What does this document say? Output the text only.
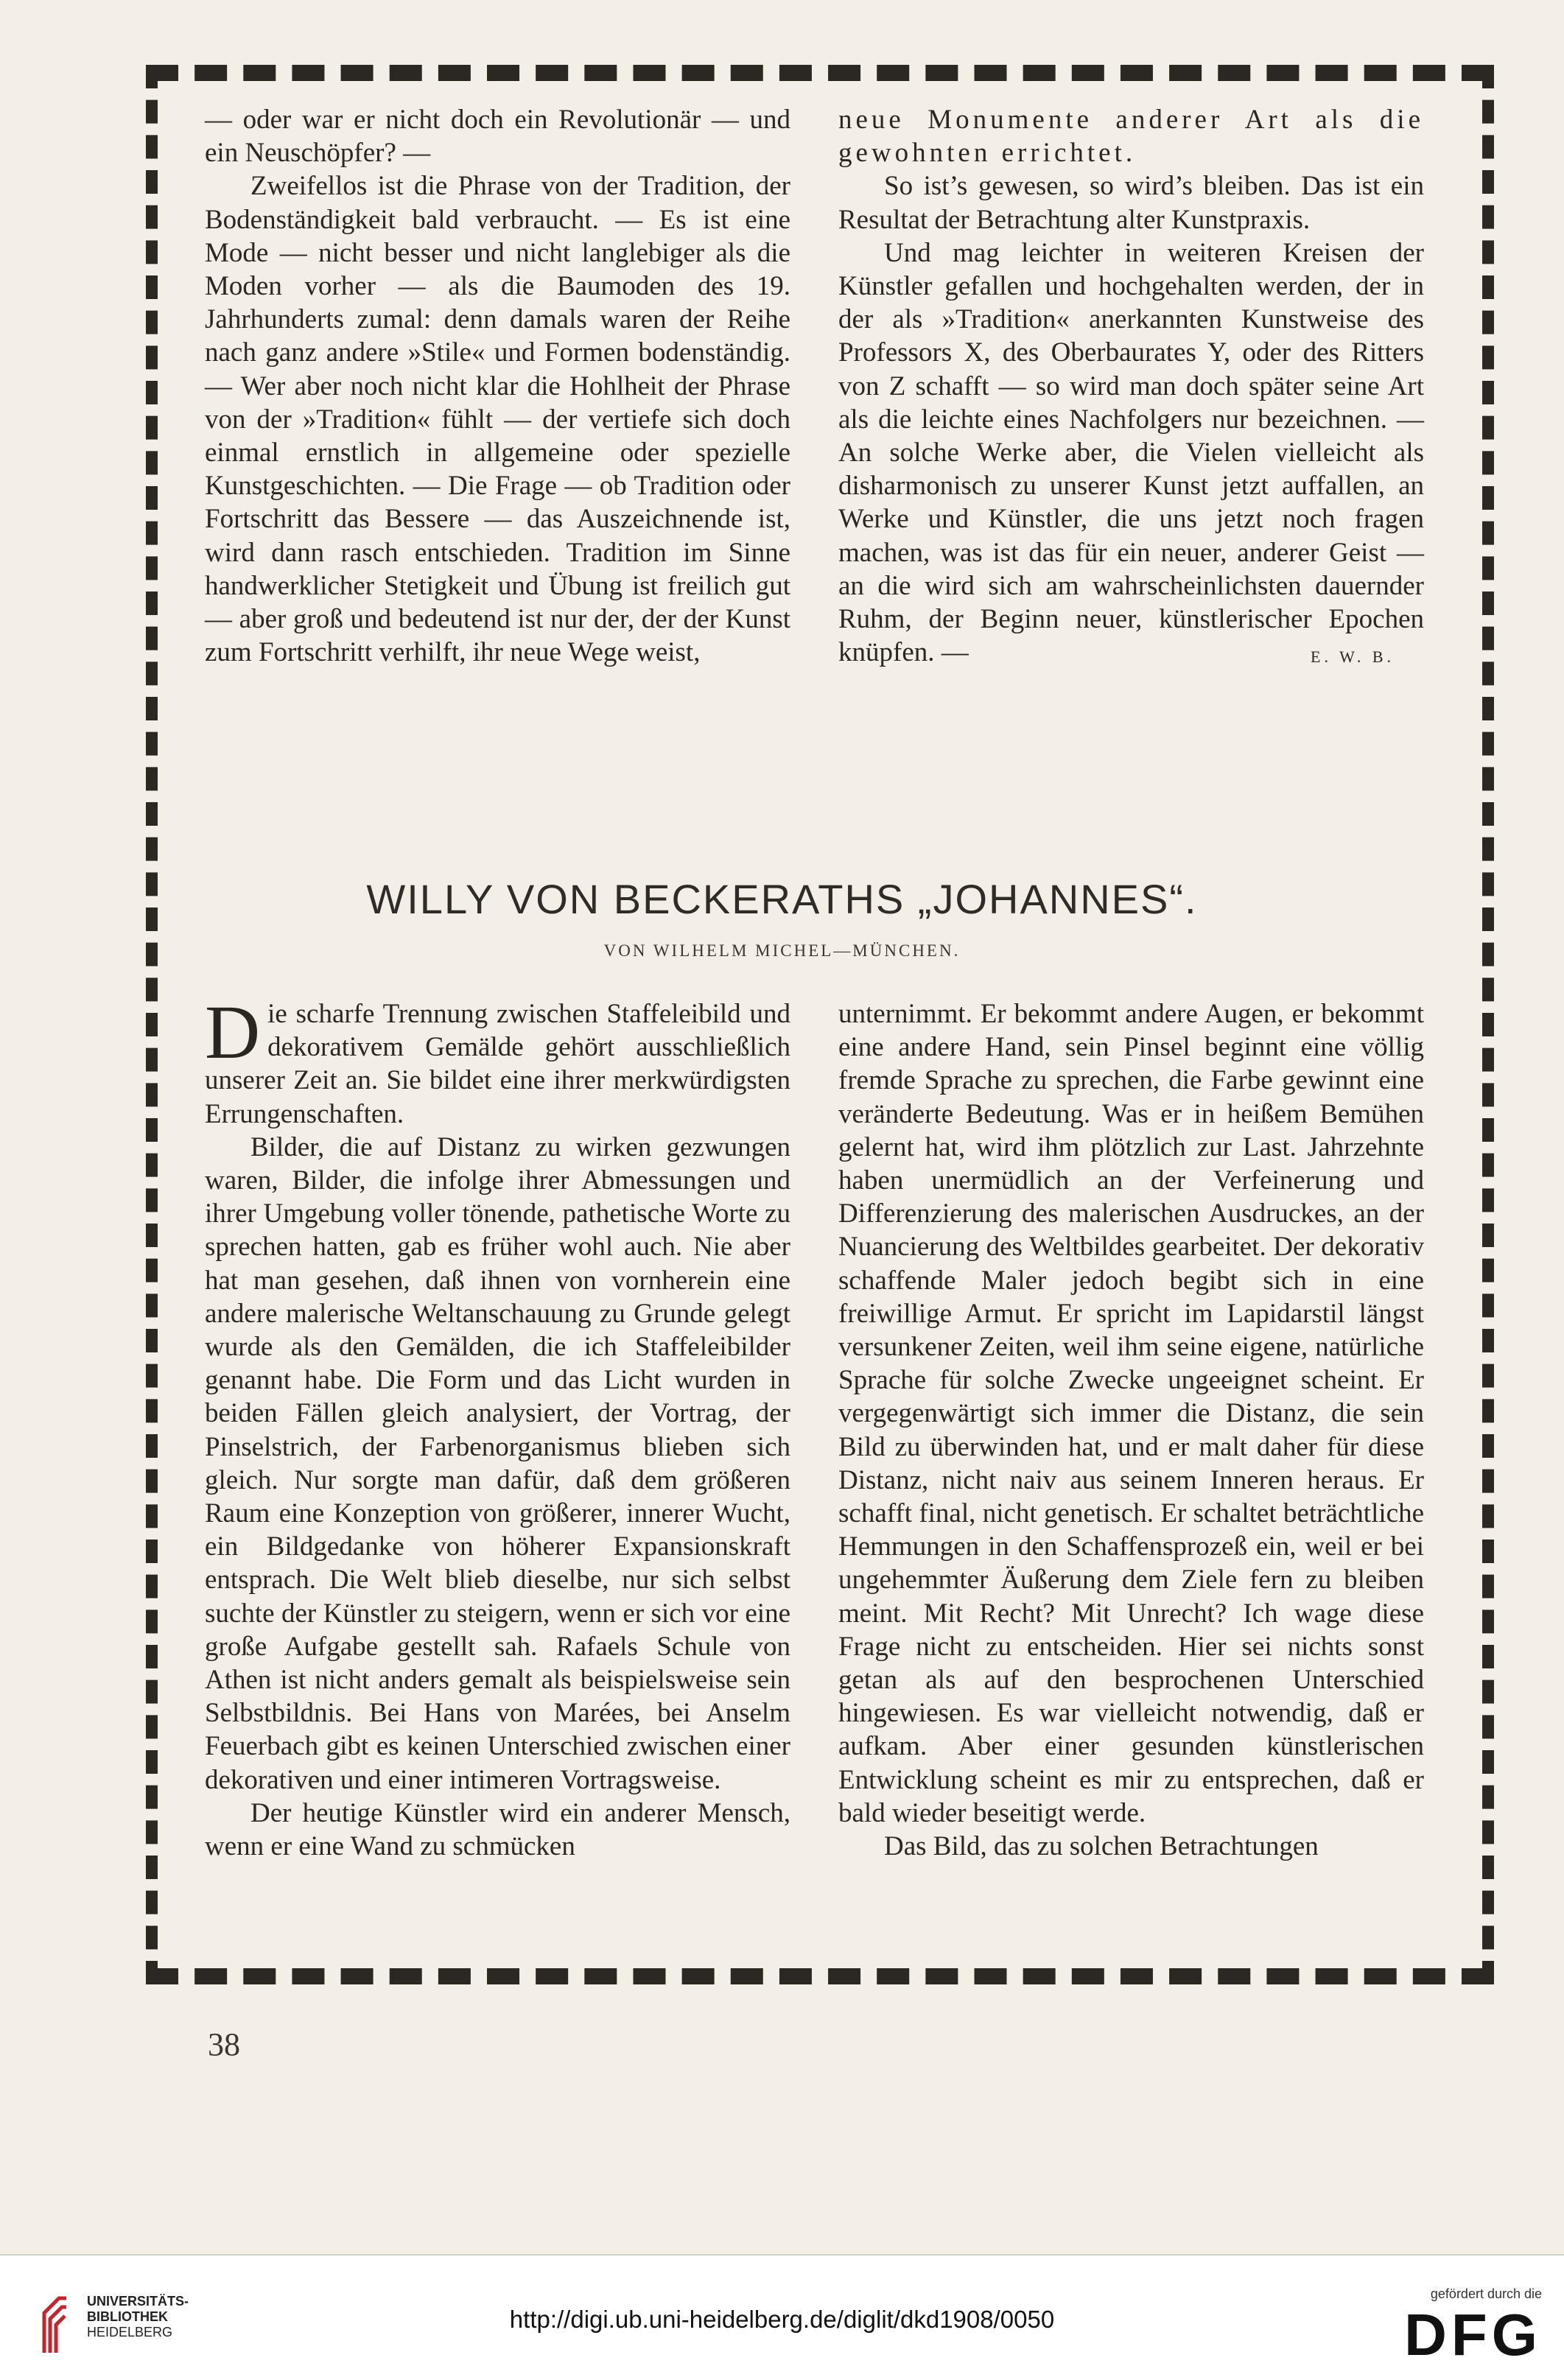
— oder war er nicht doch ein Revolutionär — und ein Neuschöpfer? —

Zweifellos ist die Phrase von der Tradition, der Bodenständigkeit bald verbraucht. — Es ist eine Mode — nicht besser und nicht langlebiger als die Moden vorher — als die Baumoden des 19. Jahrhunderts zumal: denn damals waren der Reihe nach ganz andere »Stile« und Formen bodenständig. — Wer aber noch nicht klar die Hohlheit der Phrase von der »Tradition« fühlt — der vertiefe sich doch einmal ernstlich in allgemeine oder spezielle Kunstgeschichten. — Die Frage — ob Tradition oder Fortschritt das Bessere — das Auszeichnende ist, wird dann rasch entschieden. Tradition im Sinne handwerklicher Stetigkeit und Übung ist freilich gut — aber groß und bedeutend ist nur der, der der Kunst zum Fortschritt verhilft, ihr neue Wege weist,

neue Monumente anderer Art als die gewohnten errichtet.

So ist’s gewesen, so wird’s bleiben. Das ist ein Resultat der Betrachtung alter Kunstpraxis.

Und mag leichter in weiteren Kreisen der Künstler gefallen und hochgehalten werden, der in der als »Tradition« anerkannten Kunstweise des Professors X, des Oberbaurates Y, oder des Ritters von Z schafft — so wird man doch später seine Art als die leichte eines Nachfolgers nur bezeichnen. — An solche Werke aber, die Vielen vielleicht als disharmonisch zu unserer Kunst jetzt auffallen, an Werke und Künstler, die uns jetzt noch fragen machen, was ist das für ein neuer, anderer Geist — an die wird sich am wahrscheinlichsten dauernder Ruhm, der Beginn neuer, künstlerischer Epochen knüpfen. —	E. W. B.

WILLY VON BECKERATHS „JOHANNES“.
VON WILHELM MICHEL—MÜNCHEN.

Die scharfe Trennung zwischen Staffeleibild und dekorativem Gemälde gehört ausschließlich unserer Zeit an. Sie bildet eine ihrer merkwürdigsten Errungenschaften.

Bilder, die auf Distanz zu wirken gezwungen waren, Bilder, die infolge ihrer Abmessungen und ihrer Umgebung voller tönende, pathetische Worte zu sprechen hatten, gab es früher wohl auch. Nie aber hat man gesehen, daß ihnen von vornherein eine andere malerische Weltanschauung zu Grunde gelegt wurde als den Gemälden, die ich Staffeleibilder genannt habe. Die Form und das Licht wurden in beiden Fällen gleich analysiert, der Vortrag, der Pinselstrich, der Farbenorganismus blieben sich gleich. Nur sorgte man dafür, daß dem größeren Raum eine Konzeption von größerer, innerer Wucht, ein Bildgedanke von höherer Expansionskraft entsprach. Die Welt blieb dieselbe, nur sich selbst suchte der Künstler zu steigern, wenn er sich vor eine große Aufgabe gestellt sah. Rafaels Schule von Athen ist nicht anders gemalt als beispielsweise sein Selbstbildnis. Bei Hans von Marées, bei Anselm Feuerbach gibt es keinen Unterschied zwischen einer dekorativen und einer intimeren Vortragsweise.

Der heutige Künstler wird ein anderer Mensch, wenn er eine Wand zu schmücken

unternimmt. Er bekommt andere Augen, er bekommt eine andere Hand, sein Pinsel beginnt eine völlig fremde Sprache zu sprechen, die Farbe gewinnt eine veränderte Bedeutung. Was er in heißem Bemühen gelernt hat, wird ihm plötzlich zur Last. Jahrzehnte haben unermüdlich an der Verfeinerung und Differenzierung des malerischen Ausdruckes, an der Nuancierung des Weltbildes gearbeitet. Der dekorativ schaffende Maler jedoch begibt sich in eine freiwillige Armut. Er spricht im Lapidarstil längst versunkener Zeiten, weil ihm seine eigene, natürliche Sprache für solche Zwecke ungeeignet scheint. Er vergegenwärtigt sich immer die Distanz, die sein Bild zu überwinden hat, und er malt daher für diese Distanz, nicht naiv aus seinem Inneren heraus. Er schafft final, nicht genetisch. Er schaltet beträchtliche Hemmungen in den Schaffensprozeß ein, weil er bei ungehemmter Äußerung dem Ziele fern zu bleiben meint. Mit Recht? Mit Unrecht? Ich wage diese Frage nicht zu entscheiden. Hier sei nichts sonst getan als auf den besprochenen Unterschied hingewiesen. Es war vielleicht notwendig, daß er aufkam. Aber einer gesunden künstlerischen Entwicklung scheint es mir zu entsprechen, daß er bald wieder beseitigt werde.

Das Bild, das zu solchen Betrachtungen

38
UNIVERSITÄTS-
BIBLIOTHEK
HEIDELBERG	http://digi.ub.uni-heidelberg.de/diglit/dkd1908/0050
gefördert durch die
DFG
